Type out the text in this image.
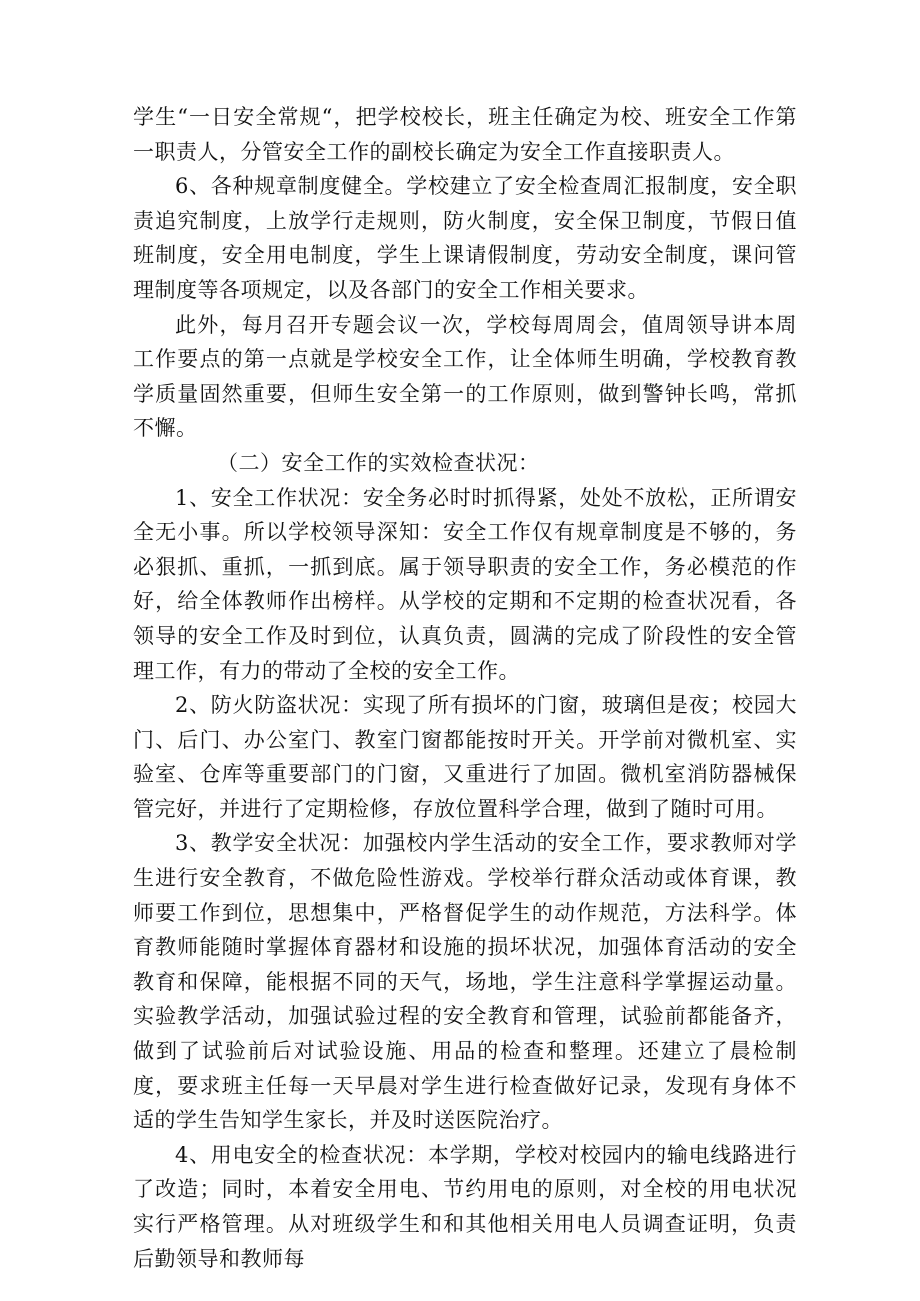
学生“一日安全常规“，把学校校长，班主任确定为校、班安全工作第一职责人，分管安全工作的副校长确定为安全工作直接职责人。

6、各种规章制度健全。学校建立了安全检查周汇报制度，安全职责追究制度，上放学行走规则，防火制度，安全保卫制度，节假日值班制度，安全用电制度，学生上课请假制度，劳动安全制度，课问管理制度等各项规定，以及各部门的安全工作相关要求。

此外，每月召开专题会议一次，学校每周周会，值周领导讲本周工作要点的第一点就是学校安全工作，让全体师生明确，学校教育教学质量固然重要，但师生安全第一的工作原则，做到警钟长鸣，常抓不懈。

（二）安全工作的实效检查状况：

1、安全工作状况：安全务必时时抓得紧，处处不放松，正所谓安全无小事。所以学校领导深知：安全工作仅有规章制度是不够的，务必狠抓、重抓，一抓到底。属于领导职责的安全工作，务必模范的作好，给全体教师作出榜样。从学校的定期和不定期的检查状况看，各领导的安全工作及时到位，认真负责，圆满的完成了阶段性的安全管理工作，有力的带动了全校的安全工作。

2、防火防盗状况：实现了所有损坏的门窗，玻璃但是夜；校园大门、后门、办公室门、教室门窗都能按时开关。开学前对微机室、实验室、仓库等重要部门的门窗，又重进行了加固。微机室消防器械保管完好，并进行了定期检修，存放位置科学合理，做到了随时可用。

3、教学安全状况：加强校内学生活动的安全工作，要求教师对学生进行安全教育，不做危险性游戏。学校举行群众活动或体育课，教师要工作到位，思想集中，严格督促学生的动作规范，方法科学。体育教师能随时掌握体育器材和设施的损坏状况，加强体育活动的安全教育和保障，能根据不同的天气，场地，学生注意科学掌握运动量。实验教学活动，加强试验过程的安全教育和管理，试验前都能备齐，做到了试验前后对试验设施、用品的检查和整理。还建立了晨检制度，要求班主任每一天早晨对学生进行检查做好记录，发现有身体不适的学生告知学生家长，并及时送医院治疗。

4、用电安全的检查状况：本学期，学校对校园内的输电线路进行了改造；同时，本着安全用电、节约用电的原则，对全校的用电状况实行严格管理。从对班级学生和和其他相关用电人员调查证明，负责后勤领导和教师每
